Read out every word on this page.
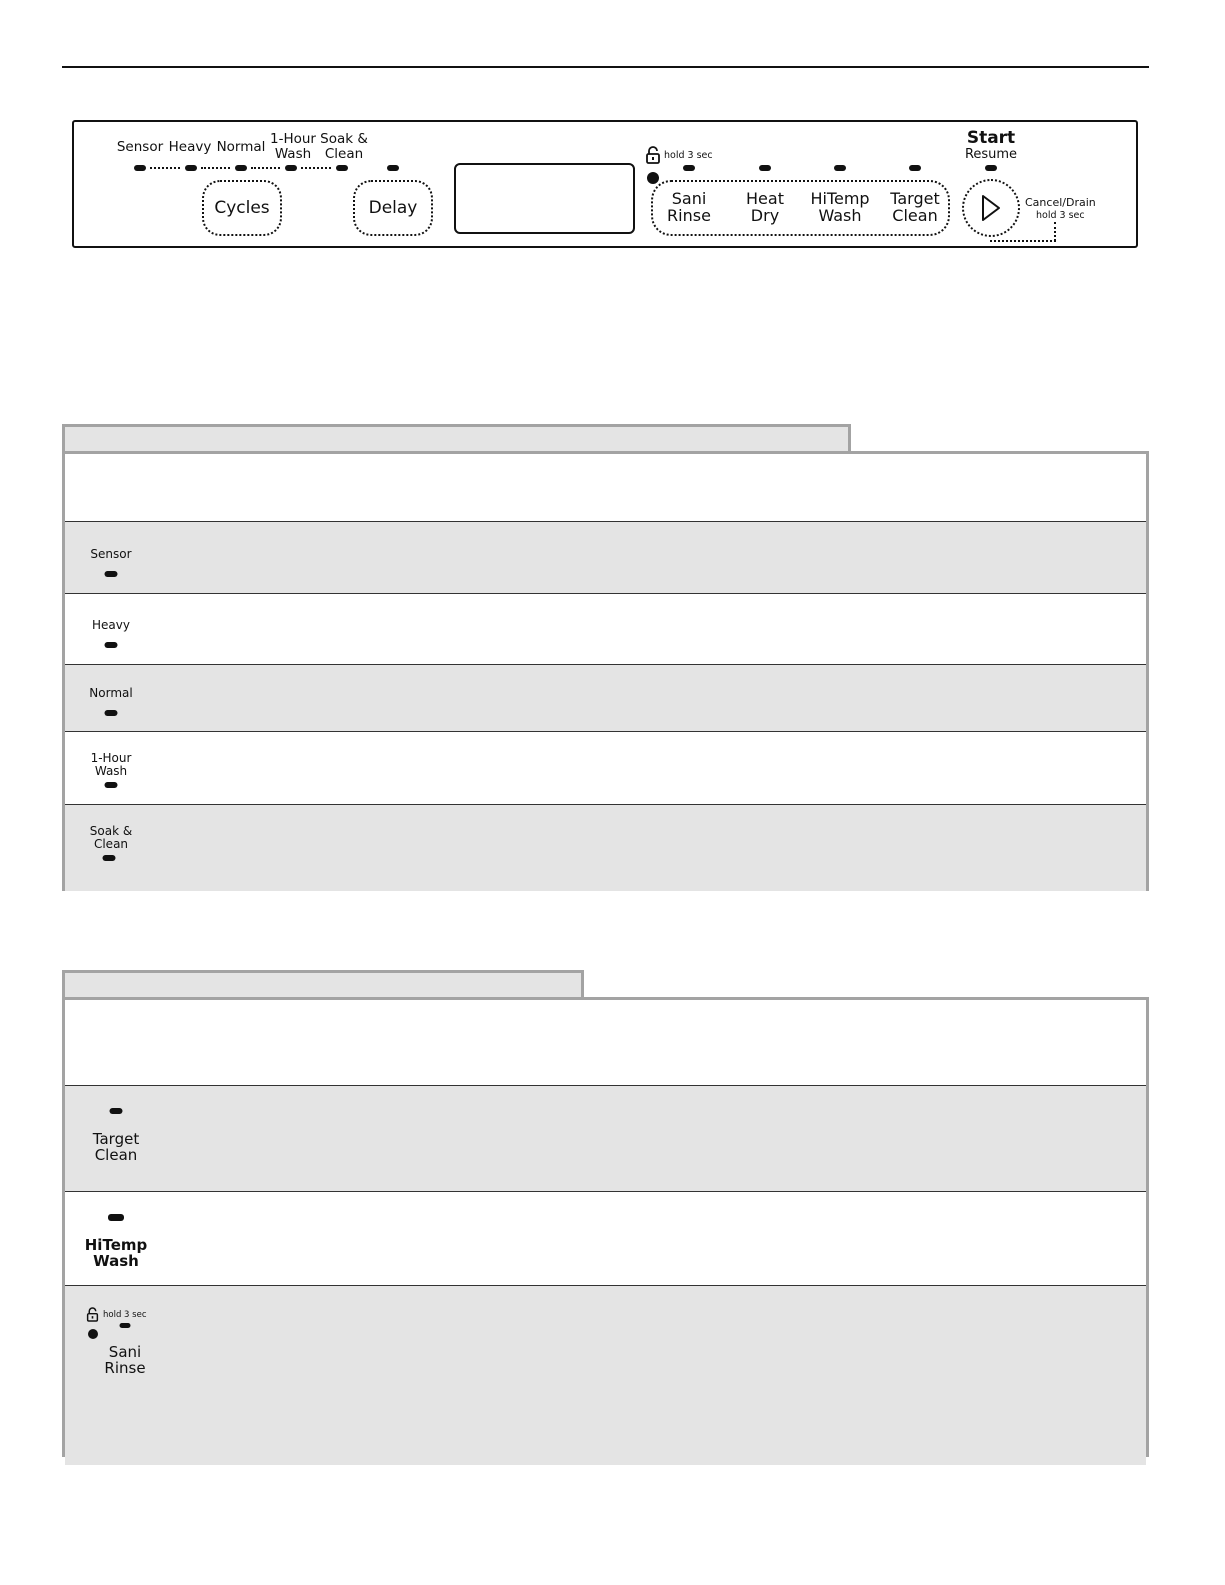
Sensor Heavy Normal 1-Hour
Wash
Soak &
Clean
Cycles	Delay
hold 3 sec
Sani
Rinse
Heat
Dry
HiTemp
Wash
Target
Clean
Start
Resume
Cancel/Drain
hold 3 sec
Sensor
Heavy
Normal
1-Hour
Wash
Soak &
Clean
Target
Clean
HiTemp
Wash
hold 3 sec
Sani
Rinse
